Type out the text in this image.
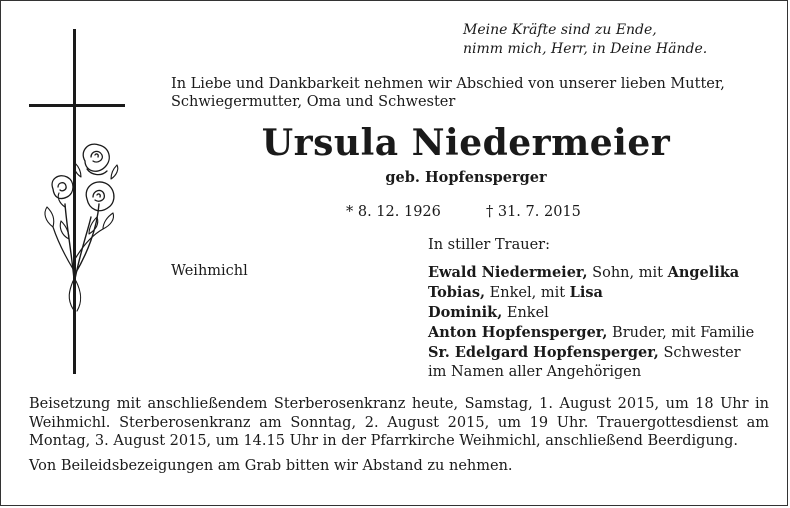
Meine Kräfte sind zu Ende,
nimm mich, Herr, in Deine Hände.
In Liebe und Dankbarkeit nehmen wir Abschied von unserer lieben Mutter,
Schwiegermutter, Oma und Schwester
Ursula Niedermeier
geb. Hopfensperger
* 8. 12. 1926	† 31. 7. 2015
In stiller Trauer:
Weihmichl	Ewald Niedermeier, Sohn, mit Angelika
Tobias, Enkel, mit Lisa
Dominik, Enkel
Anton Hopfensperger, Bruder, mit Familie
Sr. Edelgard Hopfensperger, Schwester
im Namen aller Angehörigen
Beisetzung mit anschließendem Sterberosenkranz heute, Samstag, 1. August 2015, um 18 Uhr in Weihmichl. Sterberosenkranz am Sonntag, 2. August 2015, um 19 Uhr. Trauergottesdienst am Montag, 3. August 2015, um 14.15 Uhr in der Pfarrkirche Weihmichl, anschließend Beerdigung.
Von Beileidsbezeigungen am Grab bitten wir Abstand zu nehmen.
